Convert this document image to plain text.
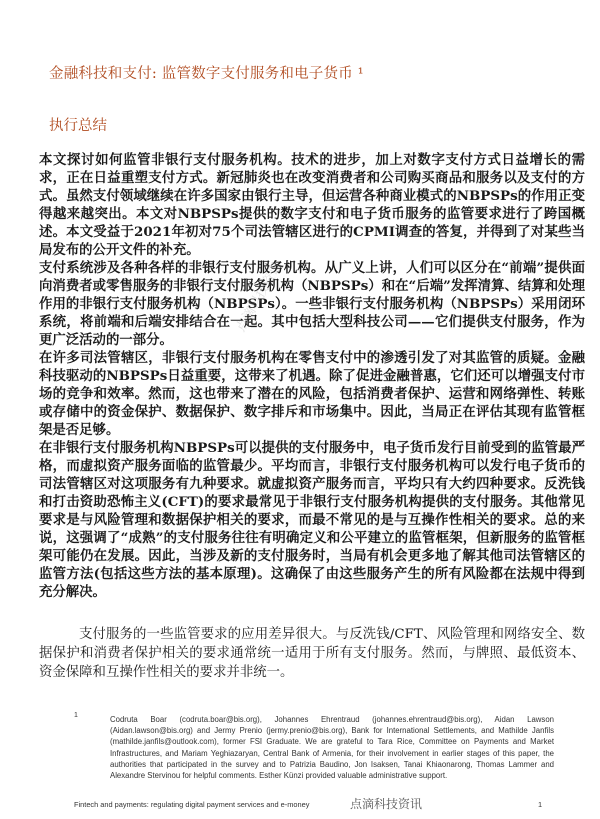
金融科技和支付: 监管数字支付服务和电子货币 ¹
执行总结

本文探讨如何监管非银行支付服务机构。技术的进步，加上对数字支付方式日益增长的需求，正在日益重塑支付方式。新冠肺炎也在改变消费者和公司购买商品和服务以及支付的方式。虽然支付领域继续在许多国家由银行主导，但运营各种商业模式的NBPSPs的作用正变得越来越突出。本文对NBPSPs提供的数字支付和电子货币服务的监管要求进行了跨国概述。本文受益于2021年初对75个司法管辖区进行的CPMI调查的答复，并得到了对某些当局发布的公开文件的补充。

支付系统涉及各种各样的非银行支付服务机构。从广义上讲，人们可以区分在“前端”提供面向消费者或零售服务的非银行支付服务机构（NBPSPs）和在“后端”发挥清算、结算和处理作用的非银行支付服务机构（NBPSPs）。一些非银行支付服务机构（NBPSPs）采用闭环系统，将前端和后端安排结合在一起。其中包括大型科技公司——它们提供支付服务，作为更广泛活动的一部分。

在许多司法管辖区，非银行支付服务机构在零售支付中的渗透引发了对其监管的质疑。金融科技驱动的NBPSPs日益重要，这带来了机遇。除了促进金融普惠，它们还可以增强支付市场的竞争和效率。然而，这也带来了潜在的风险，包括消费者保护、运营和网络弹性、转账或存储中的资金保护、数据保护、数字排斥和市场集中。因此，当局正在评估其现有监管框架是否足够。

在非银行支付服务机构NBPSPs可以提供的支付服务中，电子货币发行目前受到的监管最严格，而虚拟资产服务面临的监管最少。平均而言，非银行支付服务机构可以发行电子货币的司法管辖区对这项服务有九种要求。就虚拟资产服务而言，平均只有大约四种要求。反洗钱和打击资助恐怖主义(CFT)的要求最常见于非银行支付服务机构提供的支付服务。其他常见要求是与风险管理和数据保护相关的要求，而最不常见的是与互操作性相关的要求。总的来说，这强调了“成熟”的支付服务往往有明确定义和公平建立的监管框架，但新服务的监管框架可能仍在发展。因此，当涉及新的支付服务时，当局有机会更多地了解其他司法管辖区的监管方法(包括这些方法的基本原理)。这确保了由这些服务产生的所有风险都在法规中得到充分解决。

支付服务的一些监管要求的应用差异很大。与反洗钱/CFT、风险管理和网络安全、数据保护和消费者保护相关的要求通常统一适用于所有支付服务。然而，与牌照、最低资本、资金保障和互操作性相关的要求并非统一。
Codruta Boar (codruta.boar@bis.org), Johannes Ehrentraud (johannes.ehrentraud@bis.org), Aidan Lawson (Aidan.lawson@bis.org) and Jermy Prenio (jermy.prenio@bis.org), Bank for International Settlements, and Mathilde Janfils (mathilde.janfils@outlook.com), former FSI Graduate. We are grateful to Tara Rice, Committee on Payments and Market Infrastructures, and Mariam Yeghiazaryan, Central Bank of Armenia, for their involvement in earlier stages of this paper, the authorities that participated in the survey and to Patrizia Baudino, Jon Isaksen, Tanai Khiaonarong, Thomas Lammer and Alexandre Stervinou for helpful comments. Esther Künzi provided valuable administrative support.
1
Fintech and payments: regulating digital payment services and e-money	点滴科技资讯	1
点滴科技资讯
